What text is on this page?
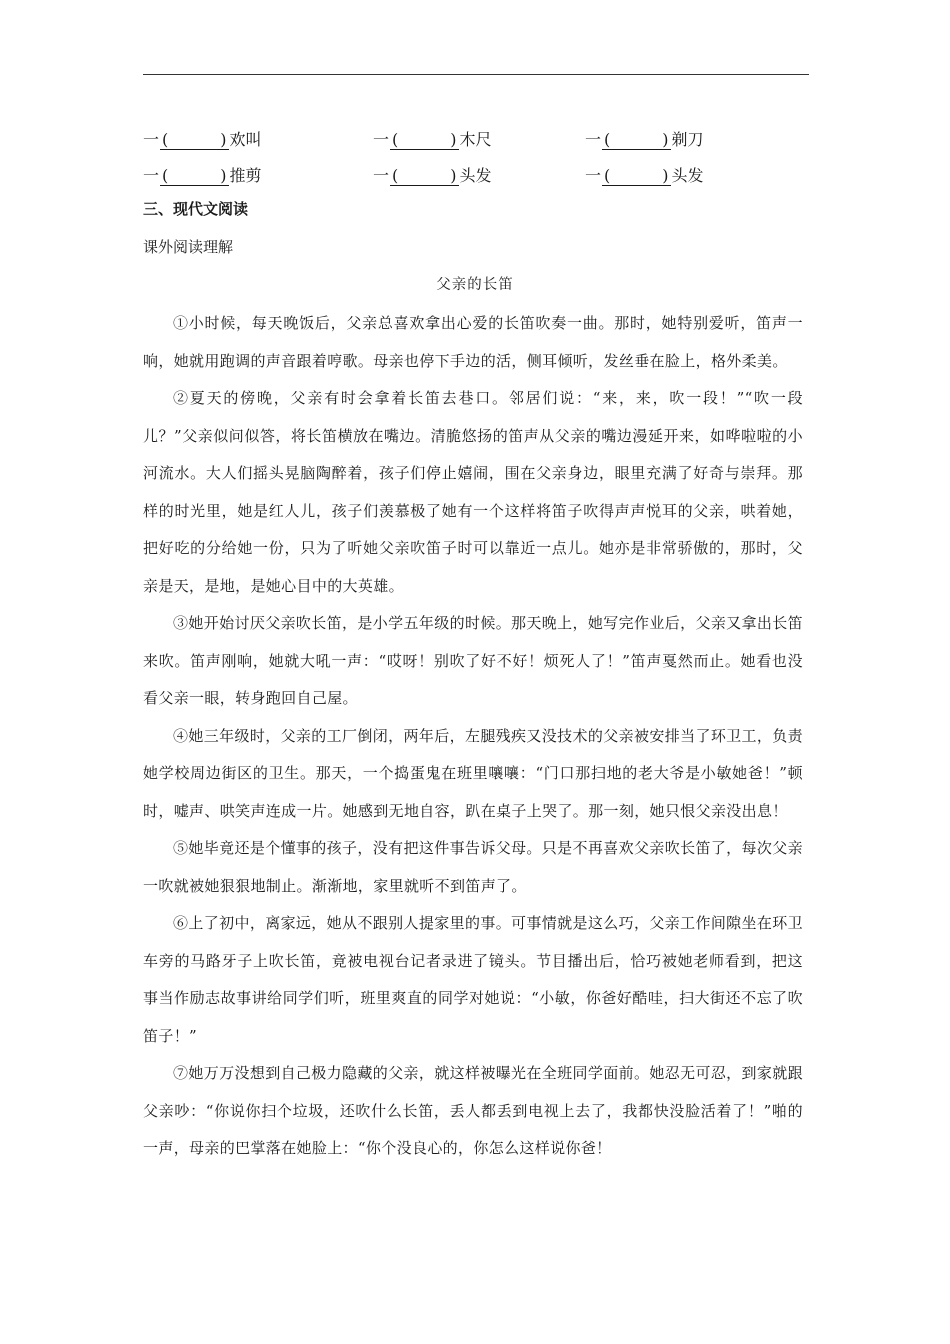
一 (	) 欢叫	一 (	) 木尺	一 (	) 剃刀
一 (	) 推剪	一 (	) 头发	一 (	) 头发
三、现代文阅读
课外阅读理解
父亲的长笛

①小时候，每天晚饭后，父亲总喜欢拿出心爱的长笛吹奏一曲。那时，她特别爱听，笛声一响，她就用跑调的声音跟着哼歌。母亲也停下手边的活，侧耳倾听，发丝垂在脸上，格外柔美。

②夏天的傍晚，父亲有时会拿着长笛去巷口。邻居们说：“来，来，吹一段！”“吹一段儿？”父亲似问似答，将长笛横放在嘴边。清脆悠扬的笛声从父亲的嘴边漫延开来，如哗啦啦的小河流水。大人们摇头晃脑陶醉着，孩子们停止嬉闹，围在父亲身边，眼里充满了好奇与崇拜。那样的时光里，她是红人儿，孩子们羡慕极了她有一个这样将笛子吹得声声悦耳的父亲，哄着她，把好吃的分给她一份，只为了听她父亲吹笛子时可以靠近一点儿。她亦是非常骄傲的，那时，父亲是天，是地，是她心目中的大英雄。

③她开始讨厌父亲吹长笛，是小学五年级的时候。那天晚上，她写完作业后，父亲又拿出长笛来吹。笛声刚响，她就大吼一声：“哎呀！别吹了好不好！烦死人了！”笛声戛然而止。她看也没看父亲一眼，转身跑回自己屋。

④她三年级时，父亲的工厂倒闭，两年后，左腿残疾又没技术的父亲被安排当了环卫工，负责她学校周边街区的卫生。那天，一个捣蛋鬼在班里嚷嚷：“门口那扫地的老大爷是小敏她爸！”顿时，嘘声、哄笑声连成一片。她感到无地自容，趴在桌子上哭了。那一刻，她只恨父亲没出息！

⑤她毕竟还是个懂事的孩子，没有把这件事告诉父母。只是不再喜欢父亲吹长笛了，每次父亲一吹就被她狠狠地制止。渐渐地，家里就听不到笛声了。

⑥上了初中，离家远，她从不跟别人提家里的事。可事情就是这么巧，父亲工作间隙坐在环卫车旁的马路牙子上吹长笛，竟被电视台记者录进了镜头。节目播出后，恰巧被她老师看到，把这事当作励志故事讲给同学们听，班里爽直的同学对她说：“小敏，你爸好酷哇，扫大街还不忘了吹笛子！”

⑦她万万没想到自己极力隐藏的父亲，就这样被曝光在全班同学面前。她忍无可忍，到家就跟父亲吵：“你说你扫个垃圾，还吹什么长笛，丢人都丢到电视上去了，我都快没脸活着了！”啪的一声，母亲的巴掌落在她脸上：“你个没良心的，你怎么这样说你爸！
